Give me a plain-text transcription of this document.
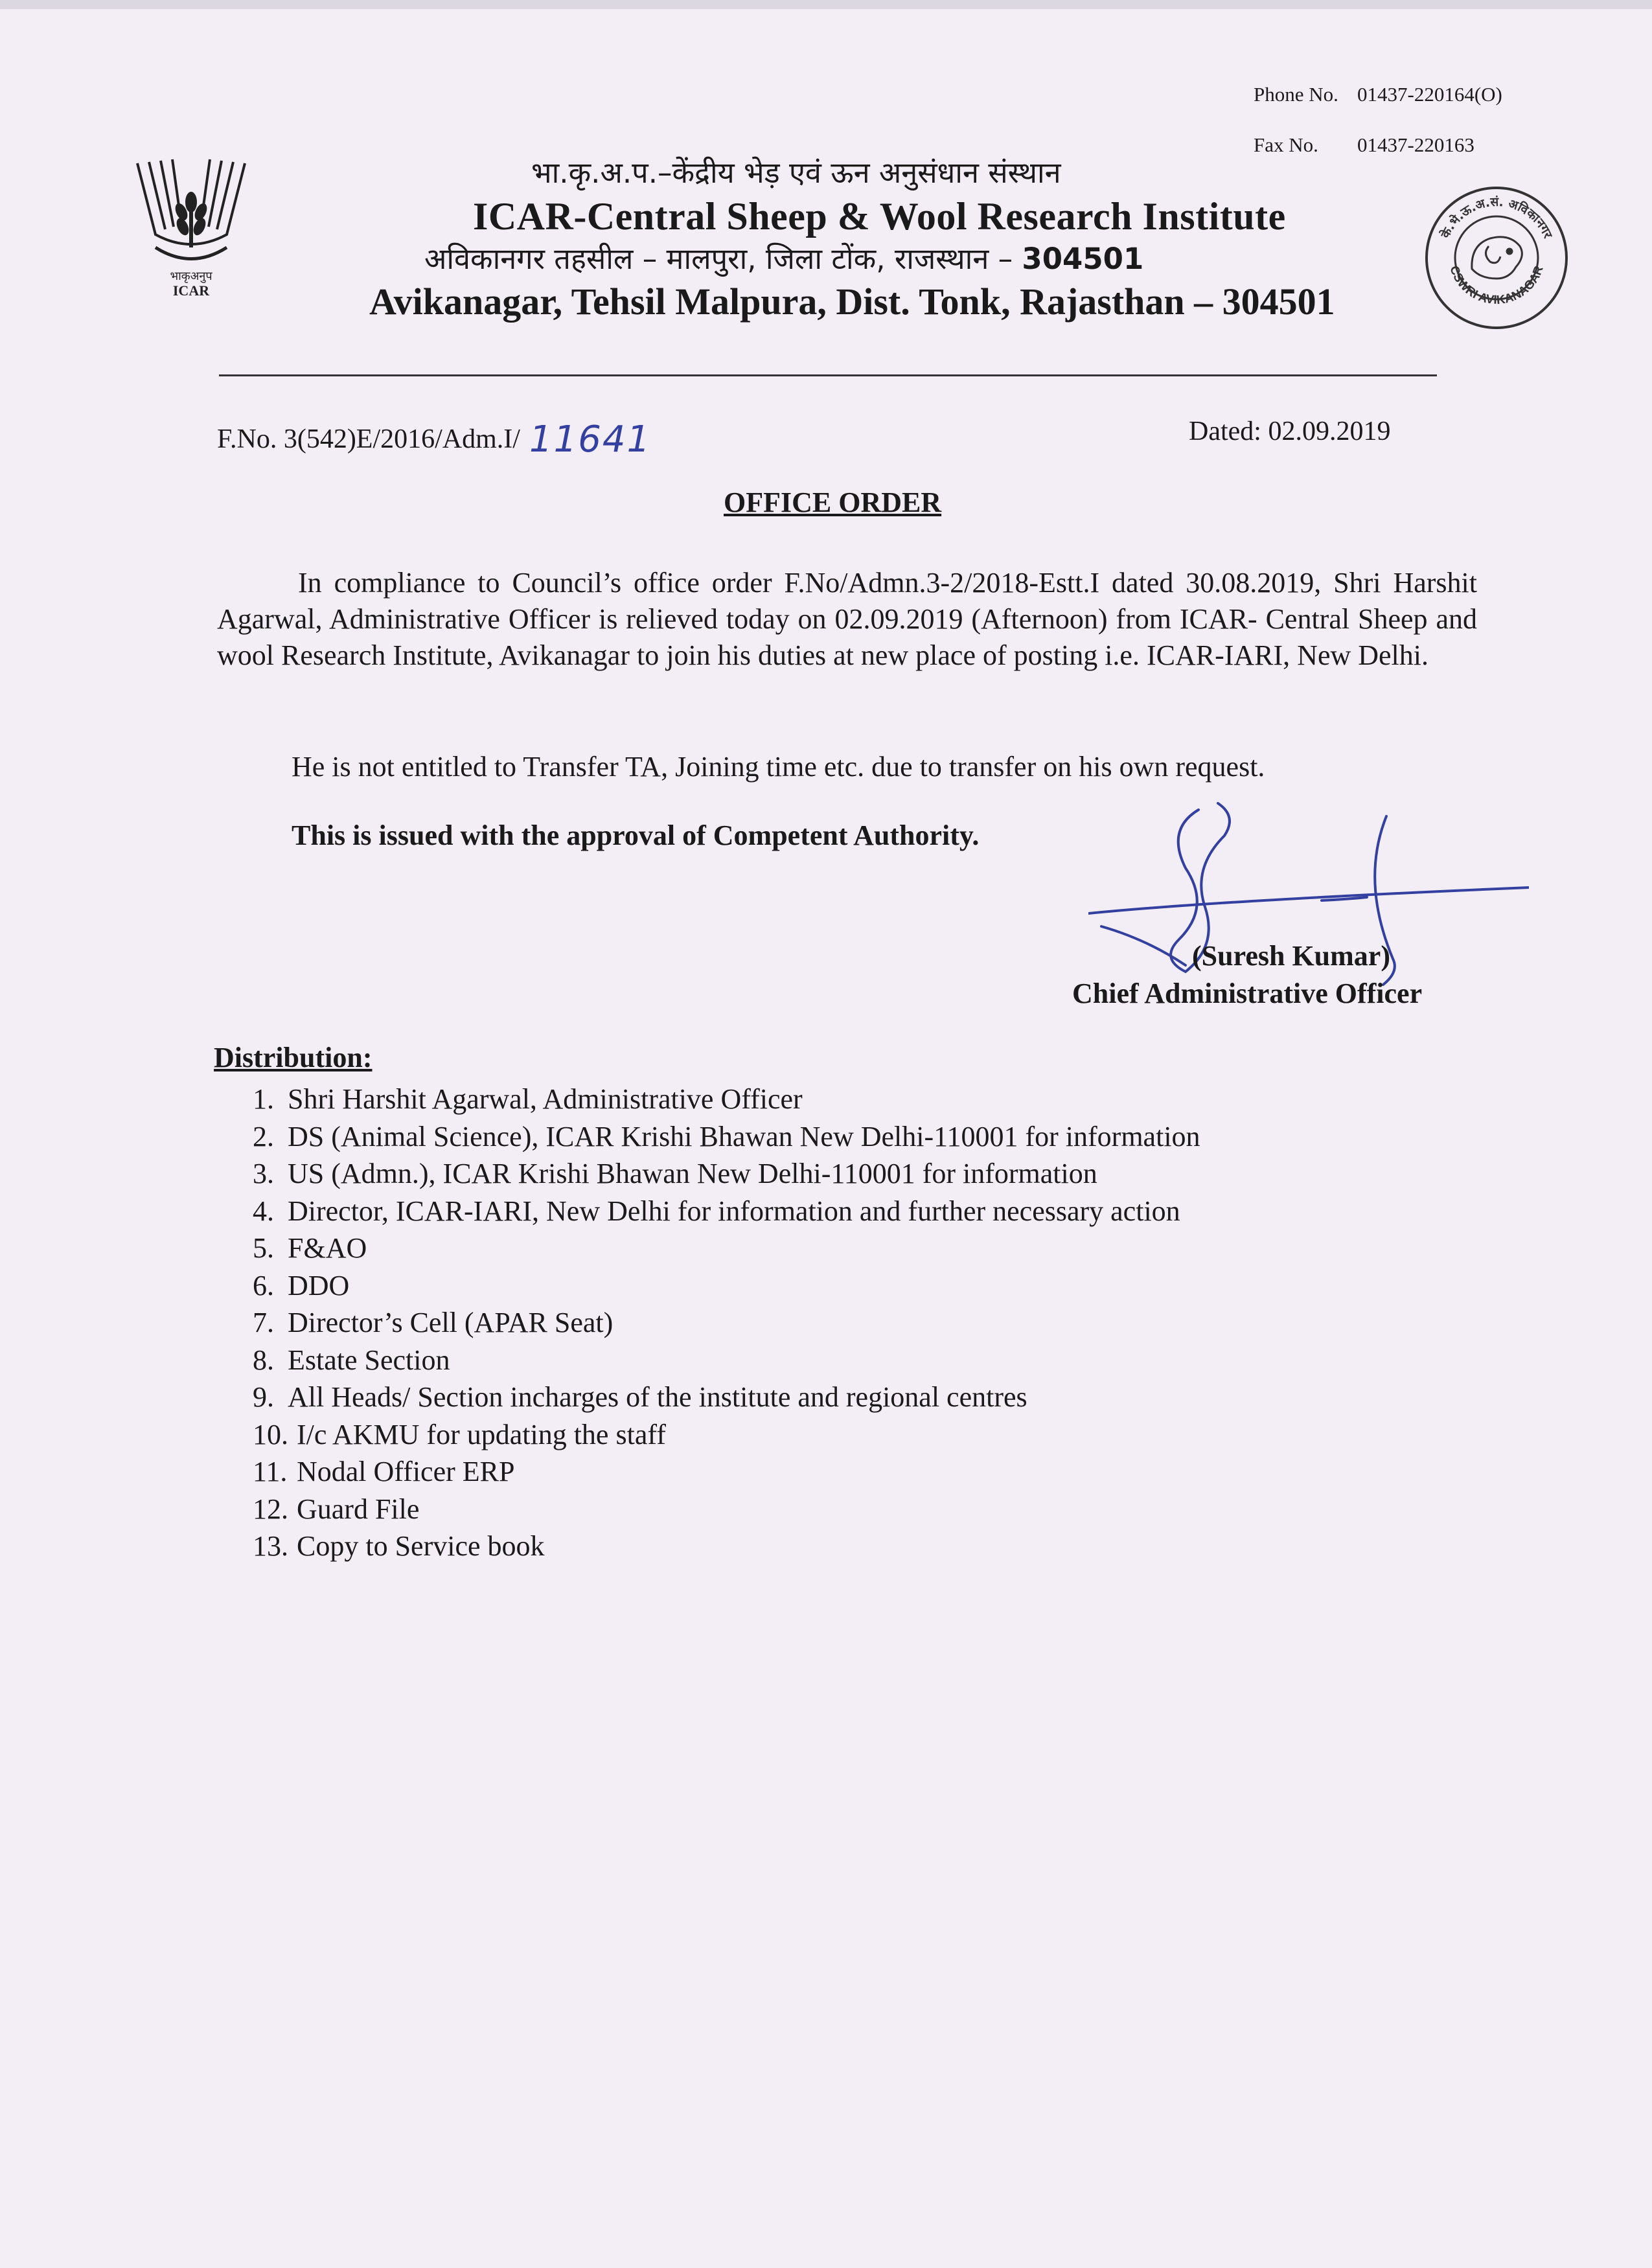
Phone No. 01437-220164(O)
Fax No. 01437-220163
भाकृअनुप
ICAR
भा.कृ.अ.प.–केंद्रीय भेड़ एवं ऊन अनुसंधान संस्थान
ICAR-Central Sheep & Wool Research Institute
अविकानगर तहसील – मालपुरा, जिला टोंक, राजस्थान – 304501
Avikanagar, Tehsil Malpura, Dist. Tonk, Rajasthan – 304501
के.भे.ऊ.अ.सं. अविकानगर
CSWRI AVIKANAGAR
F.No. 3(542)E/2016/Adm.I/ 11641	Dated: 02.09.2019
OFFICE ORDER

In compliance to Council’s office order F.No/Admn.3-2/2018-Estt.I dated 30.08.2019, Shri Harshit Agarwal, Administrative Officer is relieved today on 02.09.2019 (Afternoon) from ICAR- Central Sheep and wool Research Institute, Avikanagar to join his duties at new place of posting i.e. ICAR-IARI, New Delhi.

He is not entitled to Transfer TA, Joining time etc. due to transfer on his own request.
This is issued with the approval of Competent Authority.
(Suresh Kumar)
Chief Administrative Officer
Distribution:
1. Shri Harshit Agarwal, Administrative Officer
2. DS (Animal Science), ICAR Krishi Bhawan New Delhi-110001 for information
3. US (Admn.), ICAR Krishi Bhawan New Delhi-110001 for information
4. Director, ICAR-IARI, New Delhi for information and further necessary action
5. F&AO
6. DDO
7. Director’s Cell (APAR Seat)
8. Estate Section
9. All Heads/ Section incharges of the institute and regional centres
10. I/c AKMU for updating the staff
11. Nodal Officer ERP
12. Guard File
13. Copy to Service book
